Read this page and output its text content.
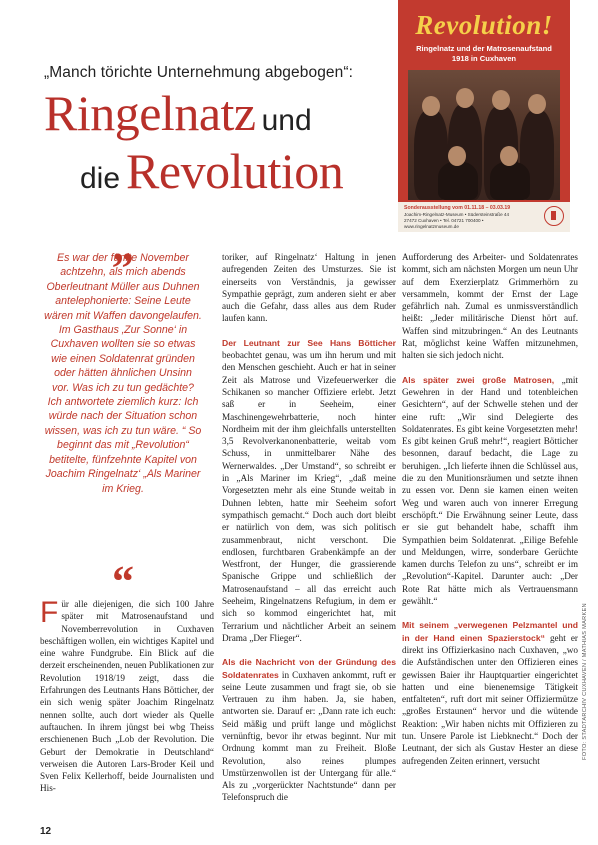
„Manch törichte Unternehmung abgebogen“:
Ringelnatz und
die Revolution
Revolution!
Ringelnatz und der Matrosenaufstand
1918 in Cuxhaven
Sonderausstellung vom 01.11.18 – 03.03.19
Joachim-Ringelnatz-Museum • Südersteinstraße 44
27472 Cuxhaven • Tel. 04721 700400 • www.ringelnatzmuseum.de
„
Es war der fünfte November achtzehn, als mich abends Oberleutnant Müller aus Duhnen antelephonierte: Seine Leute wären mit Waffen davongelaufen. Im Gasthaus ‚Zur Sonne‘ in Cuxhaven wollten sie so etwas wie einen Soldatenrat gründen oder hätten ähnlichen Unsinn vor. Was ich zu tun gedächte? Ich antwortete ziemlich kurz: Ich würde nach der Situation schon wissen, was ich zu tun wäre. “ So beginnt das mit „Revolution“ betitelte, fünfzehnte Kapitel von Joachim Ringelnatz‘ „Als Mariner im Krieg.
“

Für alle diejenigen, die sich 100 Jahre später mit Matrosenaufstand und Novemberrevolution in Cuxhaven beschäftigen wollen, ein wichtiges Kapitel und eine wahre Fundgrube. Ein Blick auf die derzeit erscheinenden, neuen Publikationen zur Revolution 1918/19 zeigt, dass die Erfahrungen des Leutnants Hans Bötticher, der ein sich wenig später Joachim Ringelnatz nennen sollte, auch dort wieder als Quelle auftauchen. In ihrem jüngst bei wbg Theiss erschienenen Buch „Lob der Revolution. Die Geburt der Demokratie in Deutschland“ verweisen die Autoren Lars-Broder Keil und Sven Felix Kellerhoff, beide Journalisten und His-

toriker, auf Ringelnatz‘ Haltung in jenen aufregenden Zeiten des Umsturzes. Sie ist einerseits von Verständnis, ja gewisser Sympathie geprägt, zum anderen sieht er aber auch die Gefahr, dass alles aus dem Ruder laufen kann.

Der Leutnant zur See Hans Bötticher beobachtet genau, was um ihn herum und mit den Menschen geschieht. Auch er hat in seiner Zeit als Matrose und Vizefeuerwerker die Schikanen so mancher Offiziere erlebt. Jetzt saß er in Seeheim, einer Maschinengewehrbatterie, noch hinter Nordheim mit der ihm gleichfalls unterstellten 3,5 Revolverkanonenbatterie, weitab vom Schuss, in unmittelbarer Nähe des Wernerwaldes. „Der Umstand“, so schreibt er in „Als Mariner im Krieg“, „daß meine Vorgesetzten mehr als eine Stunde weitab in Duhnen lebten, hatte mir Seeheim sofort sympathisch gemacht.“ Doch auch dort bleibt er natürlich von dem, was sich politisch zusammenbraut, nicht verschont. Die endlosen, furchtbaren Grabenkämpfe an der Westfront, der Hunger, die grassierende Spanische Grippe und schließlich der Matrosenaufstand – all das erreicht auch Seeheim, Ringelnatzens Refugium, in dem er sich so kommod eingerichtet hat, mit Terrarium und nächtlicher Arbeit an seinem Drama „Der Flieger“.

Als die Nachricht von der Gründung des Soldatenrates in Cuxhaven ankommt, ruft er seine Leute zusammen und fragt sie, ob sie Vertrauen zu ihm haben. Ja, sie haben, antworten sie. Darauf er: „Dann rate ich euch: Seid mäßig und prüft lange und möglichst vernünftig, bevor ihr etwas beginnt. Nur mit Ordnung kommt man zu Freiheit. Bloße Revolution, also reines plumpes Umstürzenwollen ist der Untergang für alle.“ Als zu „vorgerückter Nachtstunde“ dann per Telefonspruch die

Aufforderung des Arbeiter- und Soldatenrates kommt, sich am nächsten Morgen um neun Uhr auf dem Exerzierplatz Grimmerhörn zu versammeln, kommt der Ernst der Lage gefährlich nah. Zumal es unmissverständlich heißt: „Jeder militärische Dienst hört auf. Waffen sind mitzubringen.“ An des Leutnants Rat, möglichst keine Waffen mitzunehmen, halten sie sich jedoch nicht.

Als später zwei große Matrosen, „mit Gewehren in der Hand und totenbleichen Gesichtern“, auf der Schwelle stehen und der eine ruft: „Wir sind Delegierte des Soldatenrates. Es gibt keine Vorgesetzten mehr! Es gibt keinen Gruß mehr!“, reagiert Bötticher besonnen, darauf bedacht, die Lage zu beruhigen. „Ich lieferte ihnen die Schlüssel aus, die zu den Munitionsräumen und setzte ihnen zu essen vor. Denn sie kamen einen weiten Weg und waren auch von innerer Erregung erschöpft.“ Die Erwähnung seiner Leute, dass er sie gut behandelt habe, schafft ihm Sympathien beim Soldatenrat. „Eilige Befehle und Meldungen, wirre, sonderbare Gerüchte kamen durchs Telefon zu uns“, schreibt er im „Revolution“-Kapitel. Darunter auch: „Der Rote Rat hätte mich als Vertrauensmann gewählt.“

Mit seinem „verwegenen Pelzmantel und in der Hand einen Spazierstock“ geht er direkt ins Offizierkasino nach Cuxhaven, „wo die Aufständischen unter den Offizieren eines gewissen Baier ihr Hauptquartier eingerichtet hatten und eine bienenemsige Tätigkeit entfalteten“, ruft dort mit seiner Offiziermütze „großes Erstaunen“ hervor und die wütende Reaktion: „Wir haben nichts mit Offizieren zu tun. Unsere Parole ist Liebknecht.“ Doch der Leutnant, der sich als Gustav Hester an diese aufregenden Zeiten erinnert, versucht

12
FOTO: STADTARCHIV CUXHAVEN / MATHIAS MARKEN
